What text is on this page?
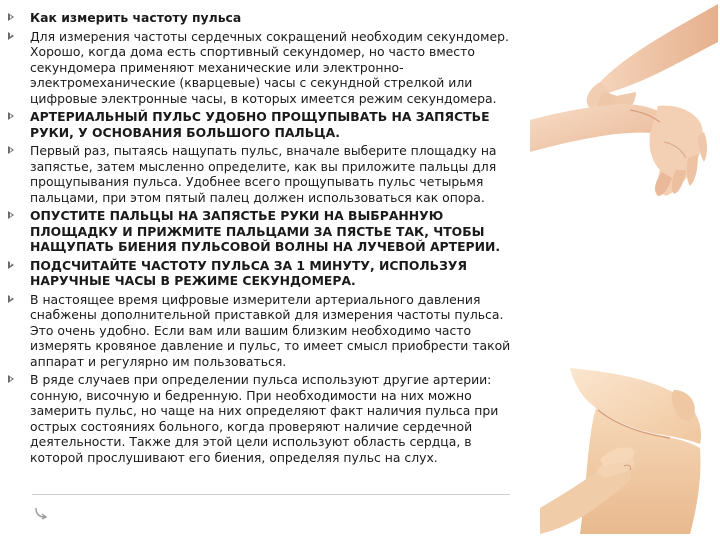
Как измерить частоту пульса
Для измерения частоты сердечных сокращений необходим секундомер. Хорошо, когда дома есть спортивный секундомер, но часто вместо секундомера применяют механические или электронно-электромеханические (кварцевые) часы с секундной стрелкой или цифровые электронные часы, в которых имеется режим секундомера.
АРТЕРИАЛЬНЫЙ ПУЛЬС УДОБНО ПРОЩУПЫВАТЬ НА ЗАПЯСТЬЕ РУКИ, У ОСНОВАНИЯ БОЛЬШОГО ПАЛЬЦА.
Первый раз, пытаясь нащупать пульс, вначале выберите площадку на запястье, затем мысленно определите, как вы приложите пальцы для прощупывания пульса. Удобнее всего прощупывать пульс четырьмя пальцами, при этом пятый палец должен использоваться как опора.
ОПУСТИТЕ ПАЛЬЦЫ НА ЗАПЯСТЬЕ РУКИ НА ВЫБРАННУЮ ПЛОЩАДКУ И ПРИЖМИТЕ ПАЛЬЦАМИ ЗА ПЯСТЬЕ ТАК, ЧТОБЫ НАЩУПАТЬ БИЕНИЯ ПУЛЬСОВОЙ ВОЛНЫ НА ЛУЧЕВОЙ АРТЕРИИ.
ПОДСЧИТАЙТЕ ЧАСТОТУ ПУЛЬСА ЗА 1 МИНУТУ, ИСПОЛЬЗУЯ НАРУЧНЫЕ ЧАСЫ В РЕЖИМЕ СЕКУНДОМЕРА.
В настоящее время цифровые измерители артериального давления снабжены дополнительной приставкой для измерения частоты пульса. Это очень удобно. Если вам или вашим близким необходимо часто измерять кровяное давление и пульс, то имеет смысл приобрести такой аппарат и регулярно им пользоваться.
В ряде случаев при определении пульса используют другие артерии: сонную, височную и бедренную. При необходимости на них можно замерить пульс, но чаще на них определяют факт наличия пульса при острых состояниях больного, когда проверяют наличие сердечной деятельности. Также для этой цели используют область сердца, в которой прослушивают его биения, определяя пульс на слух.
